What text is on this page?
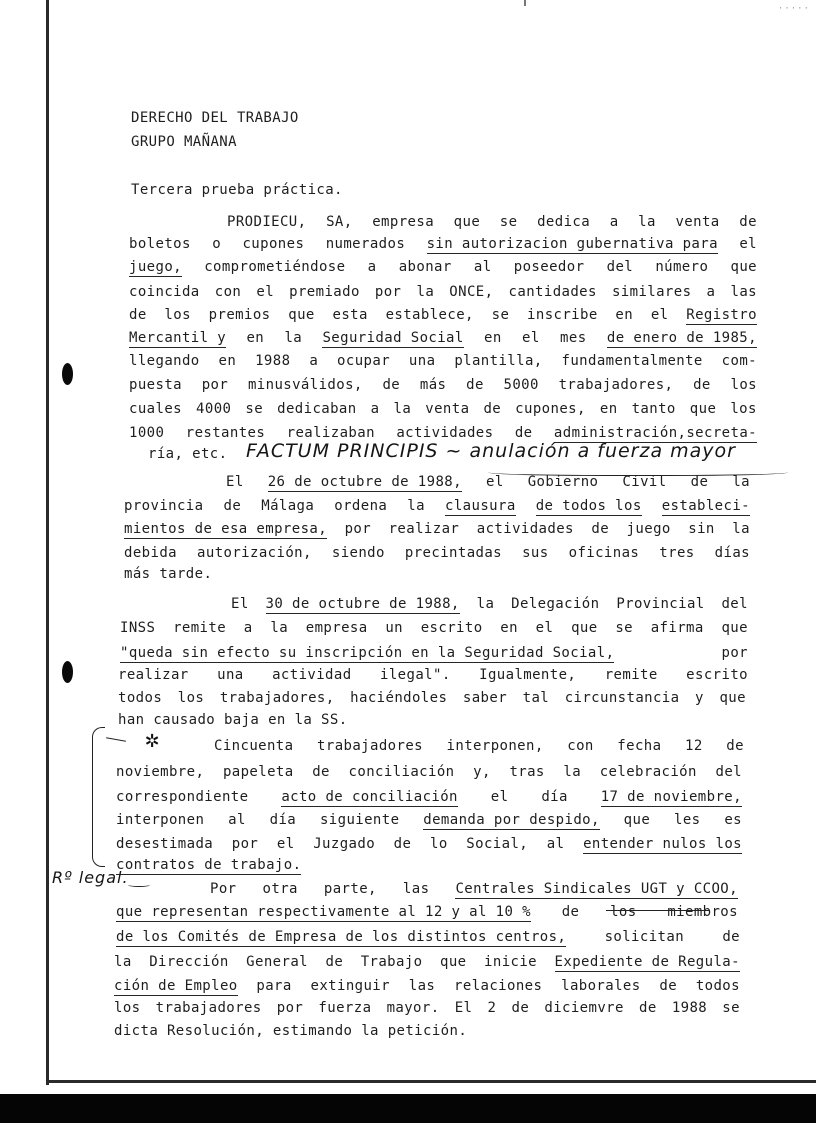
·····
DERECHO DEL TRABAJO
GRUPO MAÑANA
Tercera prueba práctica.
PRODIECU, SA, empresa que se dedica a la venta de
boletos o cupones numerados sin autorizacion gubernativa para el
juego, comprometiéndose a abonar al poseedor del número que
coincida con el premiado por la ONCE, cantidades similares a las
de los premios que esta establece, se inscribe en el Registro
Mercantil y en la Seguridad Social en el mes de enero de 1985,
llegando en 1988 a ocupar una plantilla, fundamentalmente com-
puesta por minusválidos, de más de 5000 trabajadores, de los
cuales 4000 se dedicaban a la venta de cupones, en tanto que los
1000 restantes realizaban actividades de administración,secreta-
ría, etc.
El 26 de octubre de 1988, el Gobierno Civil de la
provincia de Málaga ordena la clausura de todos los estableci-
mientos de esa empresa, por realizar actividades de juego sin la
debida autorización, siendo precintadas sus oficinas tres días
más tarde.
El 30 de octubre de 1988, la Delegación Provincial del
INSS remite a la empresa un escrito en el que se afirma que
"queda sin efecto su inscripción en la Seguridad Social,	por
realizar una actividad ilegal". Igualmente, remite escrito
todos los trabajadores, haciéndoles saber tal circunstancia y que
han causado baja en la SS.
Cincuenta trabajadores interponen, con fecha 12 de
noviembre, papeleta de conciliación y, tras la celebración del
correspondiente acto de conciliación el día 17 de noviembre,
interponen al día siguiente demanda por despido, que les es
desestimada por el Juzgado de lo Social, al entender nulos los
contratos de trabajo.
Por otra parte, las Centrales Sindicales UGT y CCOO,
que representan respectivamente al 12 y al 10 % de los miembros
de los Comités de Empresa de los distintos centros,	solicitan	de
la Dirección General de Trabajo que inicie Expediente de Regula-
ción de Empleo para extinguir las relaciones laborales de todos
los trabajadores por fuerza mayor. El 2 de diciemvre de 1988 se
dicta Resolución, estimando la petición.
FACTUM PRINCIPIS ~ anulación a fuerza mayor
✲
Rº legal.
